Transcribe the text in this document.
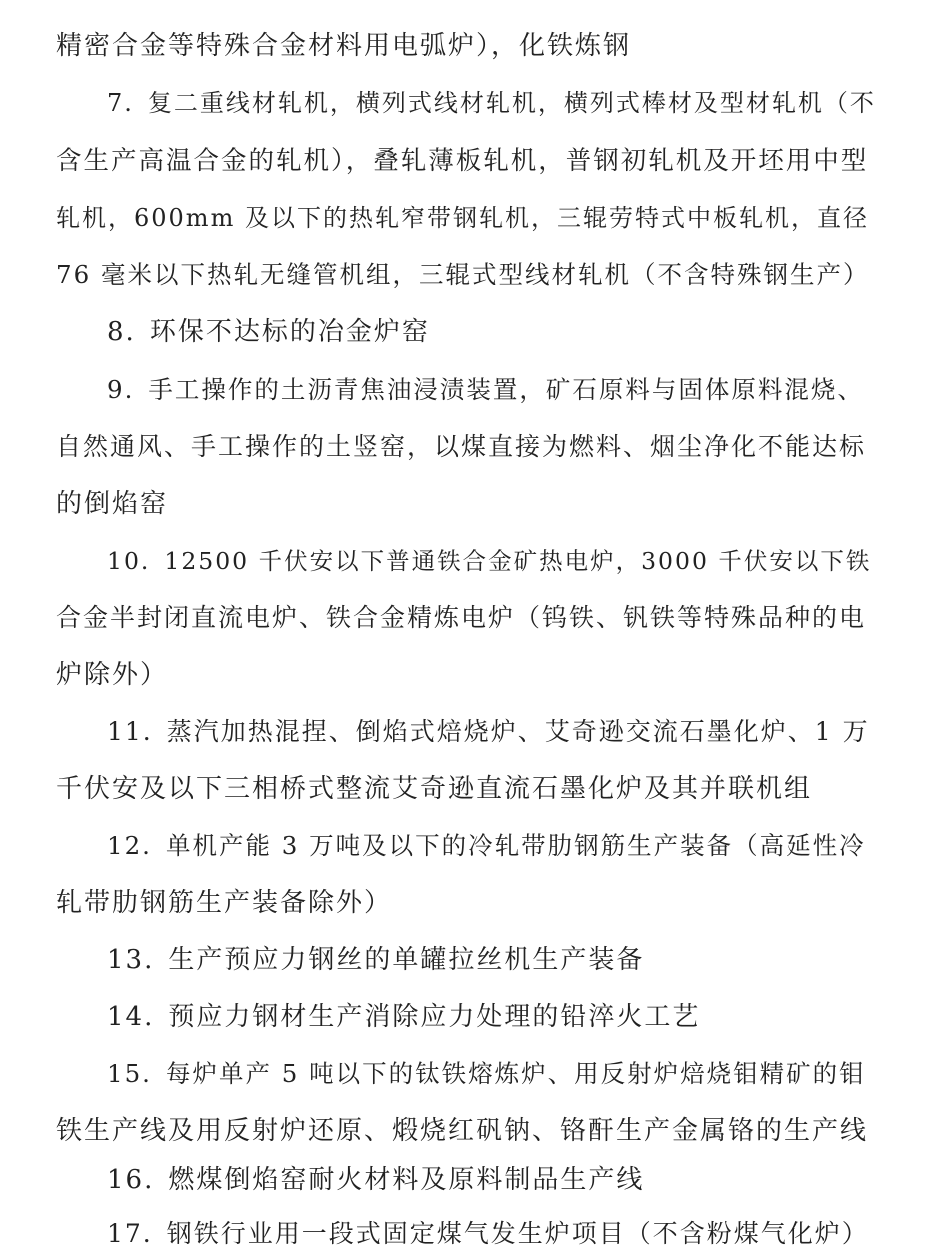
精密合金等特殊合金材料用电弧炉），化铁炼钢
7. 复二重线材轧机，横列式线材轧机，横列式棒材及型材轧机（不
含生产高温合金的轧机），叠轧薄板轧机，普钢初轧机及开坯用中型
轧机，600mm 及以下的热轧窄带钢轧机，三辊劳特式中板轧机，直径
76 毫米以下热轧无缝管机组，三辊式型线材轧机（不含特殊钢生产）
8. 环保不达标的冶金炉窑
9. 手工操作的土沥青焦油浸渍装置，矿石原料与固体原料混烧、
自然通风、手工操作的土竖窑，以煤直接为燃料、烟尘净化不能达标
的倒焰窑
10. 12500 千伏安以下普通铁合金矿热电炉，3000 千伏安以下铁
合金半封闭直流电炉、铁合金精炼电炉（钨铁、钒铁等特殊品种的电
炉除外）
11. 蒸汽加热混捏、倒焰式焙烧炉、艾奇逊交流石墨化炉、1 万
千伏安及以下三相桥式整流艾奇逊直流石墨化炉及其并联机组
12. 单机产能 3 万吨及以下的冷轧带肋钢筋生产装备（高延性冷
轧带肋钢筋生产装备除外）
13. 生产预应力钢丝的单罐拉丝机生产装备
14. 预应力钢材生产消除应力处理的铅淬火工艺
15. 每炉单产 5 吨以下的钛铁熔炼炉、用反射炉焙烧钼精矿的钼
铁生产线及用反射炉还原、煅烧红矾钠、铬酐生产金属铬的生产线
16. 燃煤倒焰窑耐火材料及原料制品生产线
17. 钢铁行业用一段式固定煤气发生炉项目（不含粉煤气化炉）
